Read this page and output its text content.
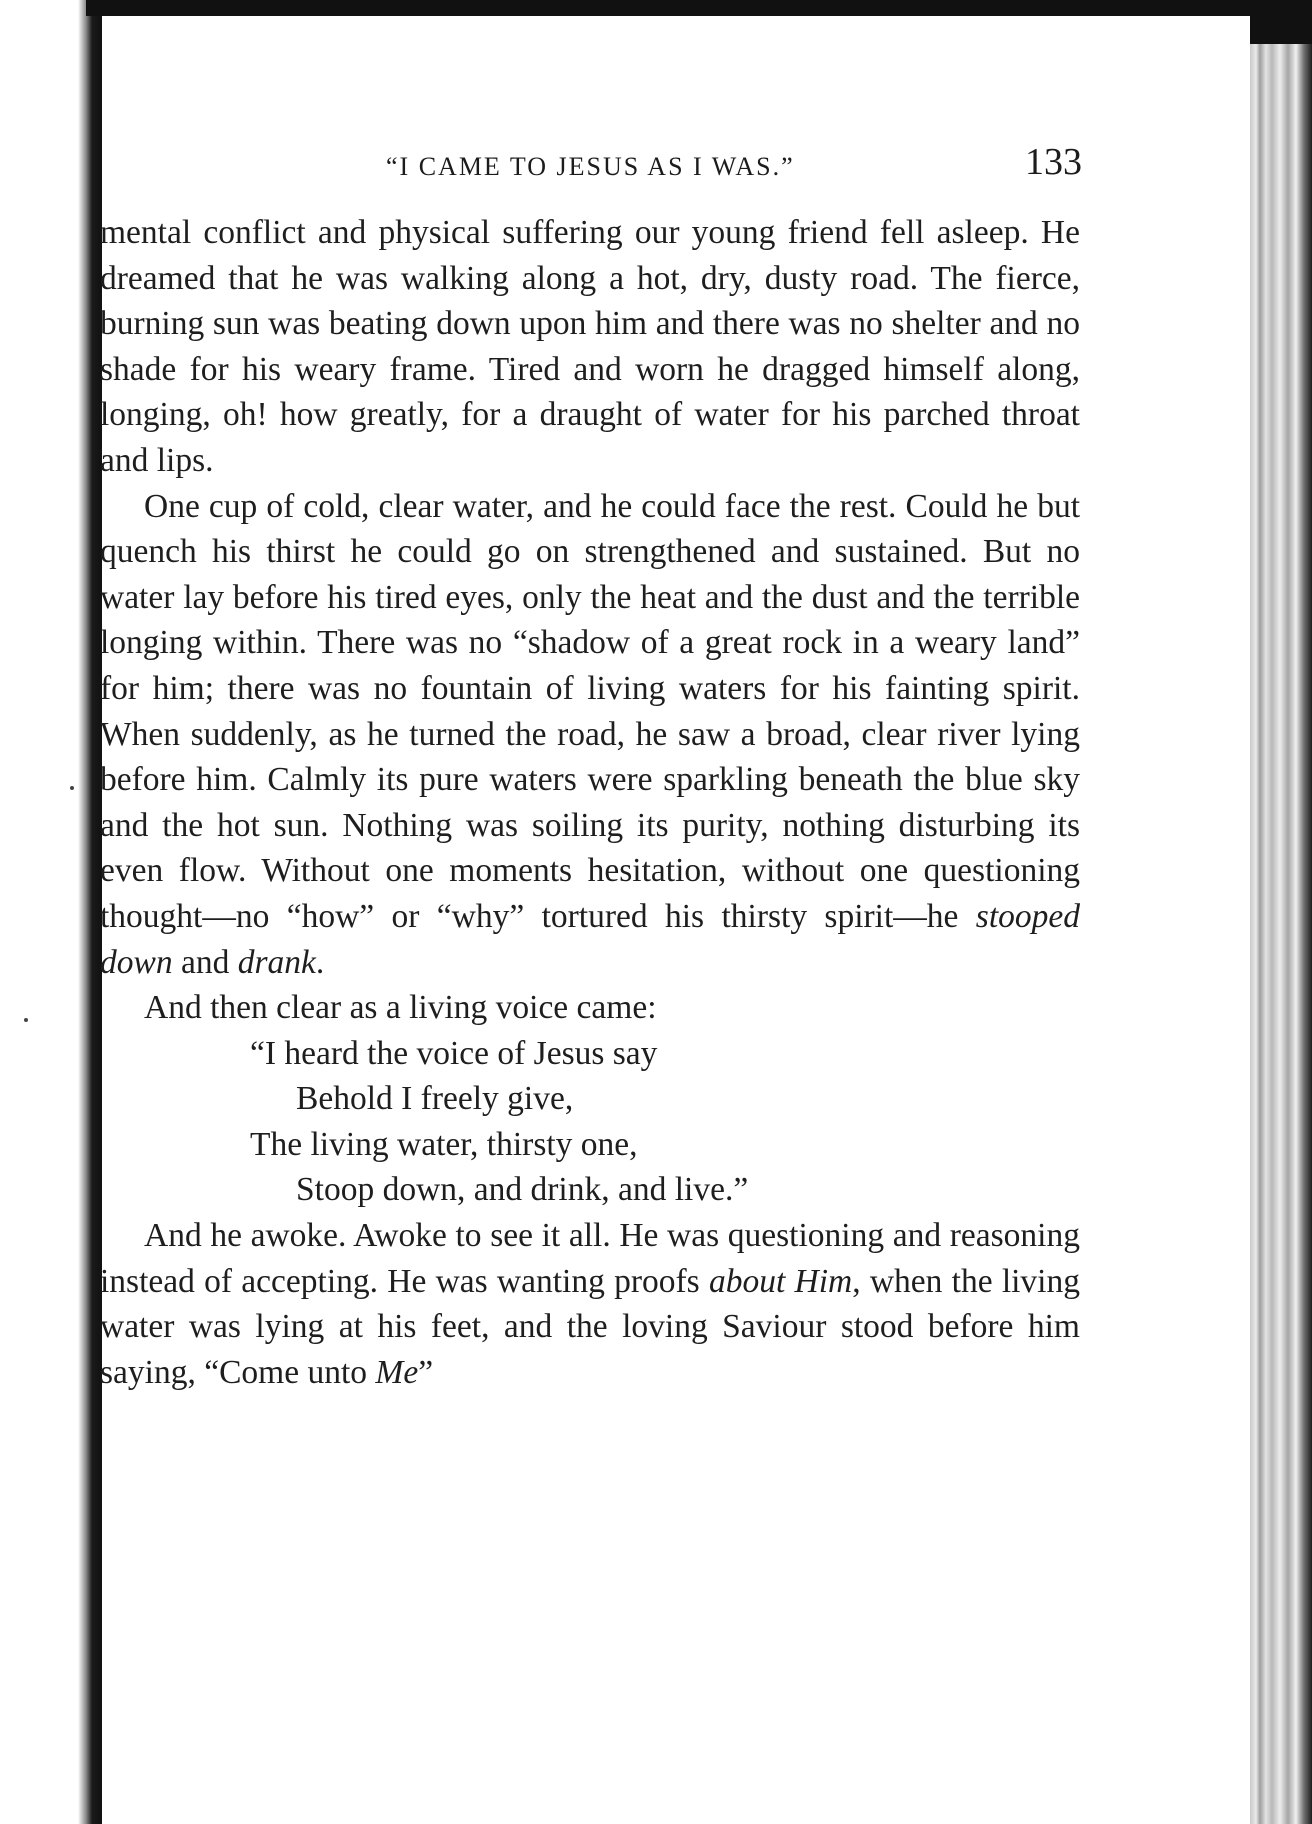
“I CAME TO JESUS AS I WAS.”	133

mental conflict and physical suffering our young friend fell asleep. He dreamed that he was walking along a hot, dry, dusty road. The fierce, burning sun was beating down upon him and there was no shelter and no shade for his weary frame. Tired and worn he dragged himself along, longing, oh! how greatly, for a draught of water for his parched throat and lips.

One cup of cold, clear water, and he could face the rest. Could he but quench his thirst he could go on strengthened and sustained. But no water lay before his tired eyes, only the heat and the dust and the terrible longing within. There was no “shadow of a great rock in a weary land” for him; there was no fountain of living waters for his fainting spirit. When suddenly, as he turned the road, he saw a broad, clear river lying before him. Calmly its pure waters were sparkling beneath the blue sky and the hot sun. Nothing was soiling its purity, nothing disturbing its even flow. Without one moments hesitation, without one questioning thought—no “how” or “why” tortured his thirsty spirit—he stooped down and drank.

And then clear as a living voice came:

“I heard the voice of Jesus say
Behold I freely give,
The living water, thirsty one,
Stoop down, and drink, and live.”

And he awoke. Awoke to see it all. He was questioning and reasoning instead of accepting. He was wanting proofs about Him, when the living water was lying at his feet, and the loving Saviour stood before him saying, “Come unto Me”
